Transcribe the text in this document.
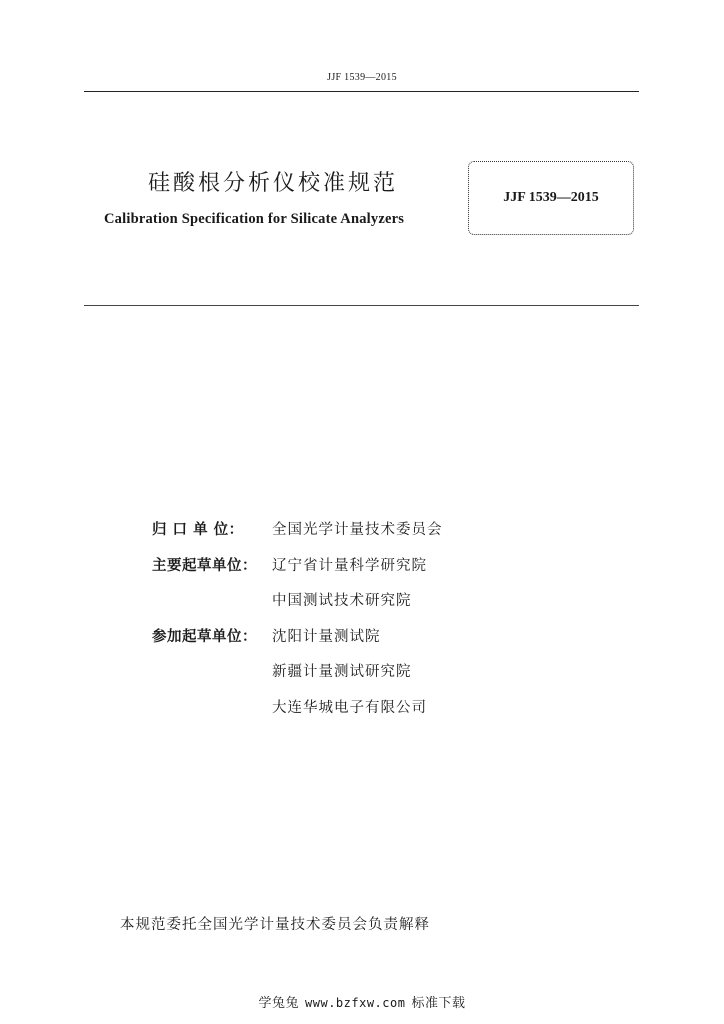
JJF 1539—2015
硅酸根分析仪校准规范
Calibration Specification for Silicate Analyzers
JJF 1539—2015
归 口 单 位：	全国光学计量技术委员会
主要起草单位：	辽宁省计量科学研究院
中国测试技术研究院
参加起草单位：	沈阳计量测试院
新疆计量测试研究院
大连华城电子有限公司
本规范委托全国光学计量技术委员会负责解释
学兔兔 www.bzfxw.com 标准下载
